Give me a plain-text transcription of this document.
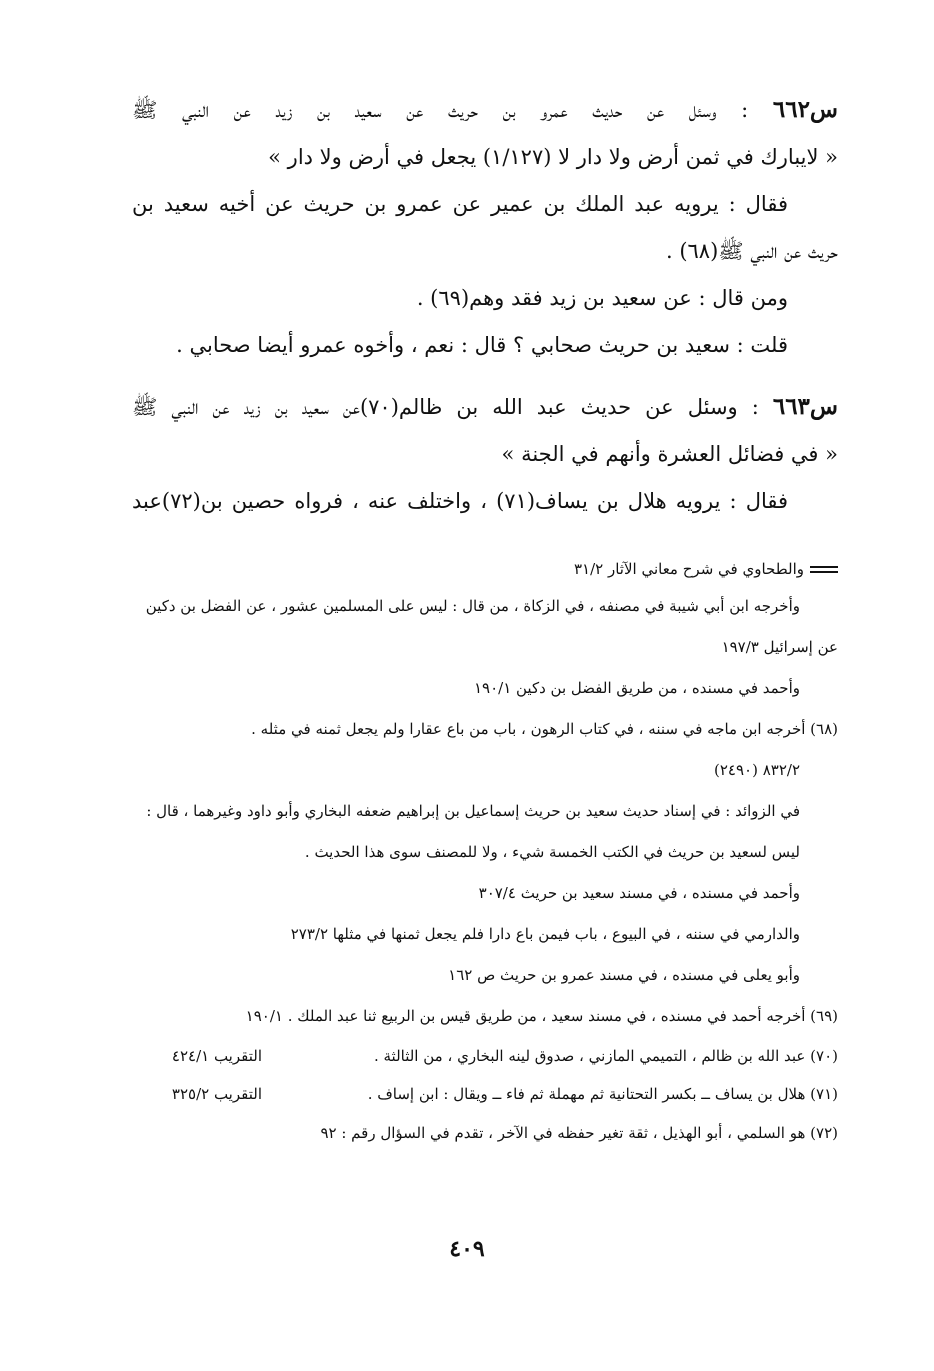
س٦٦٢ : وسئل عن حديث عمرو بن حريث عن سعيد بن زيد عن النبي ﷺ
« لايبارك في ثمن أرض ولا دار لا (١/١٢٧) يجعل في أرض ولا دار »
فقال : يرويه عبد الملك بن عمير عن عمرو بن حريث عن أخيه سعيد بن
حريث عن النبي ﷺ(٦٨) .
ومن قال : عن سعيد بن زيد فقد وهم(٦٩) .
قلت : سعيد بن حريث صحابي ؟ قال : نعم ، وأخوه عمرو أيضا صحابي .
س٦٦٣ : وسئل عن حديث عبد الله بن ظالم(٧٠)عن سعيد بن زيد عن النبي ﷺ
« في فضائل العشرة وأنهم في الجنة »
فقال : يرويه هلال بن يساف(٧١) ، واختلف عنه ، فرواه حصين بن(٧٢)عبد
والطحاوي في شرح معاني الآثار ٣١/٢
وأخرجه ابن أبي شيبة في مصنفه ، في الزكاة ، من قال : ليس على المسلمين عشور ، عن الفضل بن دكين
عن إسرائيل ١٩٧/٣
وأحمد في مسنده ، من طريق الفضل بن دكين ١٩٠/١
(٦٨) أخرجه ابن ماجه في سننه ، في كتاب الرهون ، باب من باع عقارا ولم يجعل ثمنه في مثله .
٨٣٢/٢ (٢٤٩٠)
في الزوائد : في إسناد حديث سعيد بن حريث إسماعيل بن إبراهيم ضعفه البخاري وأبو داود وغيرهما ، قال :
ليس لسعيد بن حريث في الكتب الخمسة شيء ، ولا للمصنف سوى هذا الحديث .
وأحمد في مسنده ، في مسند سعيد بن حريث ٣٠٧/٤
والدارمي في سننه ، في البيوع ، باب فيمن باع دارا فلم يجعل ثمنها في مثلها ٢٧٣/٢
وأبو يعلى في مسنده ، في مسند عمرو بن حريث ص ١٦٢
(٦٩) أخرجه أحمد في مسنده ، في مسند سعيد ، من طريق قيس بن الربيع ثنا عبد الملك . ١٩٠/١
(٧٠) عبد الله بن ظالم ، التميمي المازني ، صدوق لينه البخاري ، من الثالثة .
التقريب ٤٢٤/١
(٧١) هلال بن يساف ــ بكسر التحتانية ثم مهملة ثم فاء ــ ويقال : ابن إساف .
التقريب ٣٢٥/٢
(٧٢) هو السلمي ، أبو الهذيل ، ثقة تغير حفظه في الآخر ، تقدم في السؤال رقم : ٩٢
٤٠٩
